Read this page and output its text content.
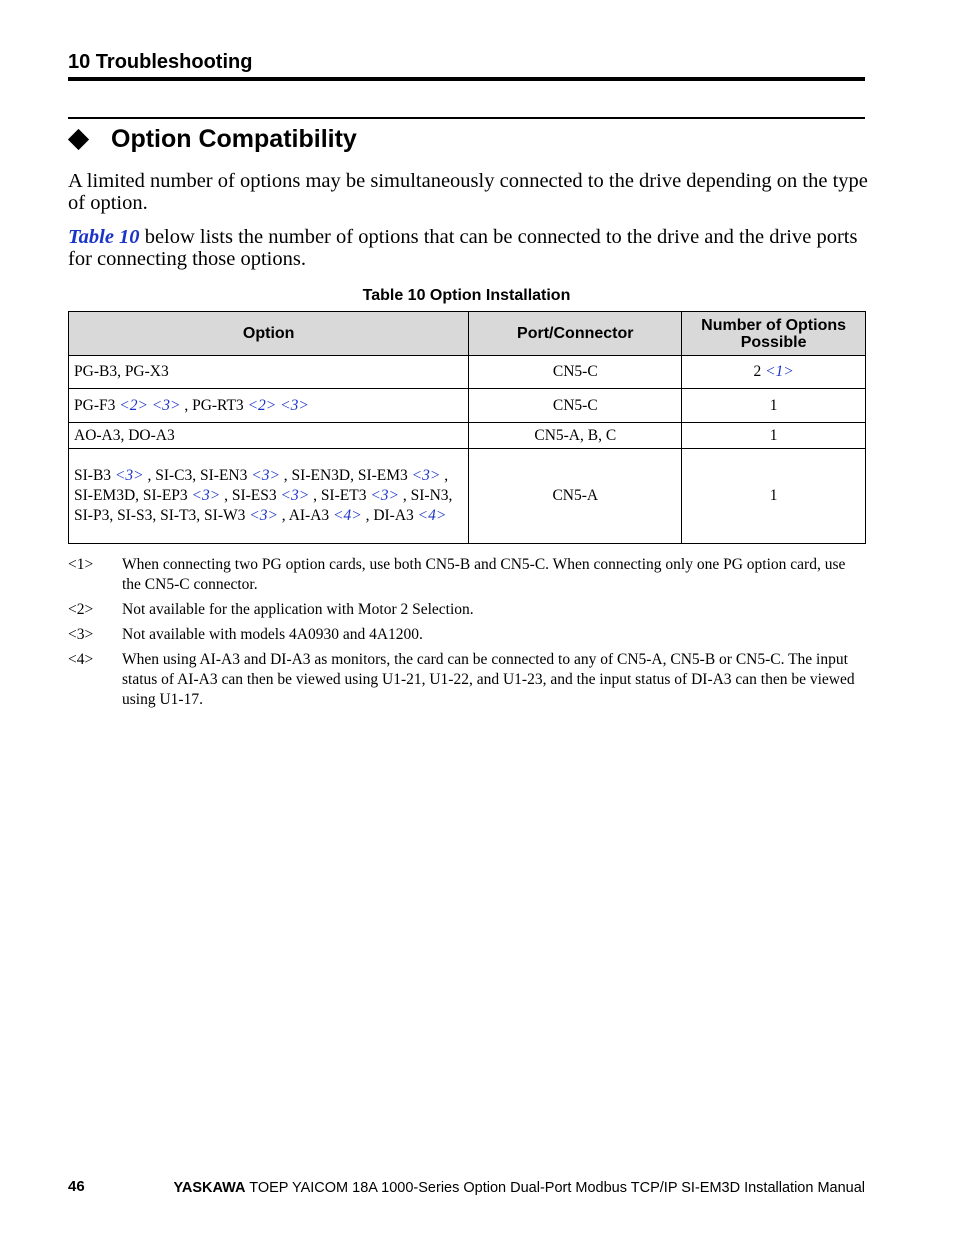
10 Troubleshooting
Option Compatibility
A limited number of options may be simultaneously connected to the drive depending on the type of option.
Table 10 below lists the number of options that can be connected to the drive and the drive ports for connecting those options.
Table 10 Option Installation
Option	Port/Connector	Number of Options Possible
PG-B3, PG-X3	CN5-C	2 <1>
PG-F3 <2> <3> , PG-RT3 <2> <3>	CN5-C	1
AO-A3, DO-A3	CN5-A, B, C	1
SI-B3 <3> , SI-C3, SI-EN3 <3> , SI-EN3D, SI-EM3 <3> , SI-EM3D, SI-EP3 <3> , SI-ES3 <3> , SI-ET3 <3> , SI-N3, SI-P3, SI-S3, SI-T3, SI-W3 <3> , AI-A3 <4> , DI-A3 <4>	CN5-A	1
<1>	When connecting two PG option cards, use both CN5-B and CN5-C. When connecting only one PG option card, use the CN5-C connector.
<2>	Not available for the application with Motor 2 Selection.
<3>	Not available with models 4A0930 and 4A1200.
<4>	When using AI-A3 and DI-A3 as monitors, the card can be connected to any of CN5-A, CN5-B or CN5-C. The input status of AI-A3 can then be viewed using U1-21, U1-22, and U1-23, and the input status of DI-A3 can then be viewed using U1-17.
46	YASKAWA TOEP YAICOM 18A 1000-Series Option Dual-Port Modbus TCP/IP SI-EM3D Installation Manual
